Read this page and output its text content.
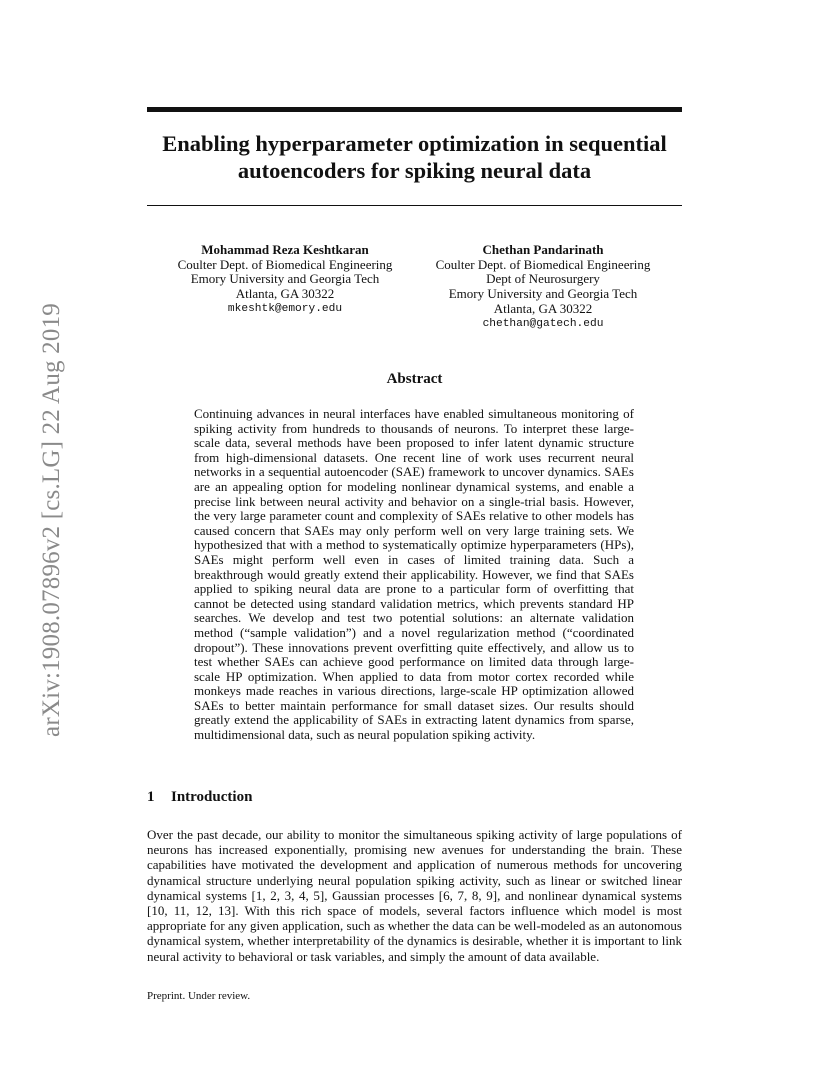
arXiv:1908.07896v2 [cs.LG] 22 Aug 2019
Enabling hyperparameter optimization in sequential
autoencoders for spiking neural data
Mohammad Reza Keshtkaran
Coulter Dept. of Biomedical Engineering
Emory University and Georgia Tech
Atlanta, GA 30322
mkeshtk@emory.edu
Chethan Pandarinath
Coulter Dept. of Biomedical Engineering
Dept of Neurosurgery
Emory University and Georgia Tech
Atlanta, GA 30322
chethan@gatech.edu
Abstract

Continuing advances in neural interfaces have enabled simultaneous monitoring of spiking activity from hundreds to thousands of neurons. To interpret these large-scale data, several methods have been proposed to infer latent dynamic structure from high-dimensional datasets. One recent line of work uses recurrent neural networks in a sequential autoencoder (SAE) framework to uncover dynamics. SAEs are an appealing option for modeling nonlinear dynamical systems, and enable a precise link between neural activity and behavior on a single-trial basis. However, the very large parameter count and complexity of SAEs relative to other models has caused concern that SAEs may only perform well on very large training sets. We hypothesized that with a method to systematically optimize hyperparameters (HPs), SAEs might perform well even in cases of limited training data. Such a breakthrough would greatly extend their applicability. However, we find that SAEs applied to spiking neural data are prone to a particular form of overfitting that cannot be detected using standard validation metrics, which prevents standard HP searches. We develop and test two potential solutions: an alternate validation method (“sample validation”) and a novel regularization method (“coordinated dropout”). These innovations prevent overfitting quite effectively, and allow us to test whether SAEs can achieve good performance on limited data through large-scale HP optimization. When applied to data from motor cortex recorded while monkeys made reaches in various directions, large-scale HP optimization allowed SAEs to better maintain performance for small dataset sizes. Our results should greatly extend the applicability of SAEs in extracting latent dynamics from sparse, multidimensional data, such as neural population spiking activity.

1 Introduction

Over the past decade, our ability to monitor the simultaneous spiking activity of large populations of neurons has increased exponentially, promising new avenues for understanding the brain. These capabilities have motivated the development and application of numerous methods for uncovering dynamical structure underlying neural population spiking activity, such as linear or switched linear dynamical systems [1, 2, 3, 4, 5], Gaussian processes [6, 7, 8, 9], and nonlinear dynamical systems [10, 11, 12, 13]. With this rich space of models, several factors influence which model is most appropriate for any given application, such as whether the data can be well-modeled as an autonomous dynamical system, whether interpretability of the dynamics is desirable, whether it is important to link neural activity to behavioral or task variables, and simply the amount of data available.

Preprint. Under review.
